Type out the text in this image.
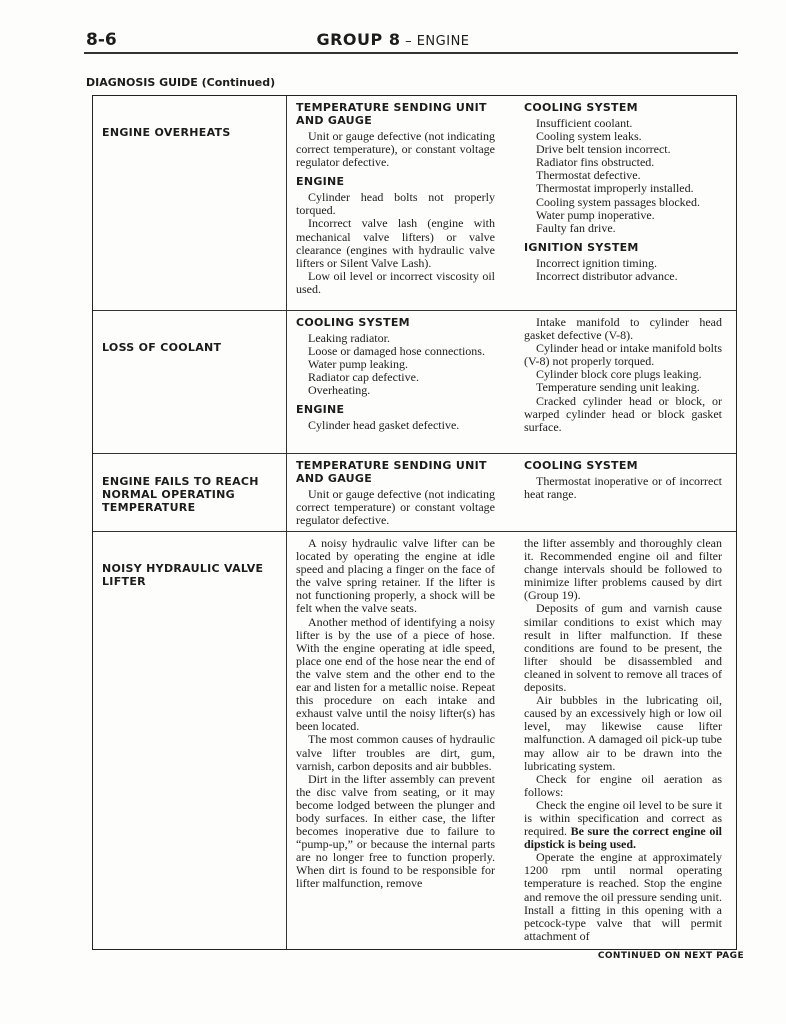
8-6	GROUP 8 – ENGINE
DIAGNOSIS GUIDE (Continued)
ENGINE OVERHEATS
TEMPERATURE SENDING UNIT AND GAUGE

Unit or gauge defective (not indicating correct temperature), or constant voltage regulator defective.

ENGINE

Cylinder head bolts not properly torqued.

Incorrect valve lash (engine with mechanical valve lifters) or valve clearance (engines with hydraulic valve lifters or Silent Valve Lash).

Low oil level or incorrect viscosity oil used.

COOLING SYSTEM

Insufficient coolant.

Cooling system leaks.

Drive belt tension incorrect.

Radiator fins obstructed.

Thermostat defective.

Thermostat improperly installed.

Cooling system passages blocked.

Water pump inoperative.

Faulty fan drive.

IGNITION SYSTEM

Incorrect ignition timing.

Incorrect distributor advance.

LOSS OF COOLANT
COOLING SYSTEM

Leaking radiator.

Loose or damaged hose connections.

Water pump leaking.

Radiator cap defective.

Overheating.

ENGINE

Cylinder head gasket defective.

Intake manifold to cylinder head gasket defective (V-8).

Cylinder head or intake manifold bolts (V-8) not properly torqued.

Cylinder block core plugs leaking.

Temperature sending unit leaking.

Cracked cylinder head or block, or warped cylinder head or block gasket surface.

ENGINE FAILS TO REACH NORMAL OPERATING TEMPERATURE
TEMPERATURE SENDING UNIT AND GAUGE

Unit or gauge defective (not indicating correct temperature) or constant voltage regulator defective.

COOLING SYSTEM

Thermostat inoperative or of incorrect heat range.

NOISY HYDRAULIC VALVE LIFTER

A noisy hydraulic valve lifter can be located by operating the engine at idle speed and placing a finger on the face of the valve spring retainer. If the lifter is not functioning properly, a shock will be felt when the valve seats.

Another method of identifying a noisy lifter is by the use of a piece of hose. With the engine operating at idle speed, place one end of the hose near the end of the valve stem and the other end to the ear and listen for a metallic noise. Repeat this procedure on each intake and exhaust valve until the noisy lifter(s) has been located.

The most common causes of hydraulic valve lifter troubles are dirt, gum, varnish, carbon deposits and air bubbles.

Dirt in the lifter assembly can prevent the disc valve from seating, or it may become lodged between the plunger and body surfaces. In either case, the lifter becomes inoperative due to failure to “pump-up,” or because the internal parts are no longer free to function properly. When dirt is found to be responsible for lifter malfunction, remove

the lifter assembly and thoroughly clean it. Recommended engine oil and filter change intervals should be followed to minimize lifter problems caused by dirt (Group 19).

Deposits of gum and varnish cause similar conditions to exist which may result in lifter malfunction. If these conditions are found to be present, the lifter should be disassembled and cleaned in solvent to remove all traces of deposits.

Air bubbles in the lubricating oil, caused by an excessively high or low oil level, may likewise cause lifter malfunction. A damaged oil pick-up tube may allow air to be drawn into the lubricating system.

Check for engine oil aeration as follows:

Check the engine oil level to be sure it is within specification and correct as required. Be sure the correct engine oil dipstick is being used.

Operate the engine at approximately 1200 rpm until normal operating temperature is reached. Stop the engine and remove the oil pressure sending unit. Install a fitting in this opening with a petcock-type valve that will permit attachment of

CONTINUED ON NEXT PAGE
